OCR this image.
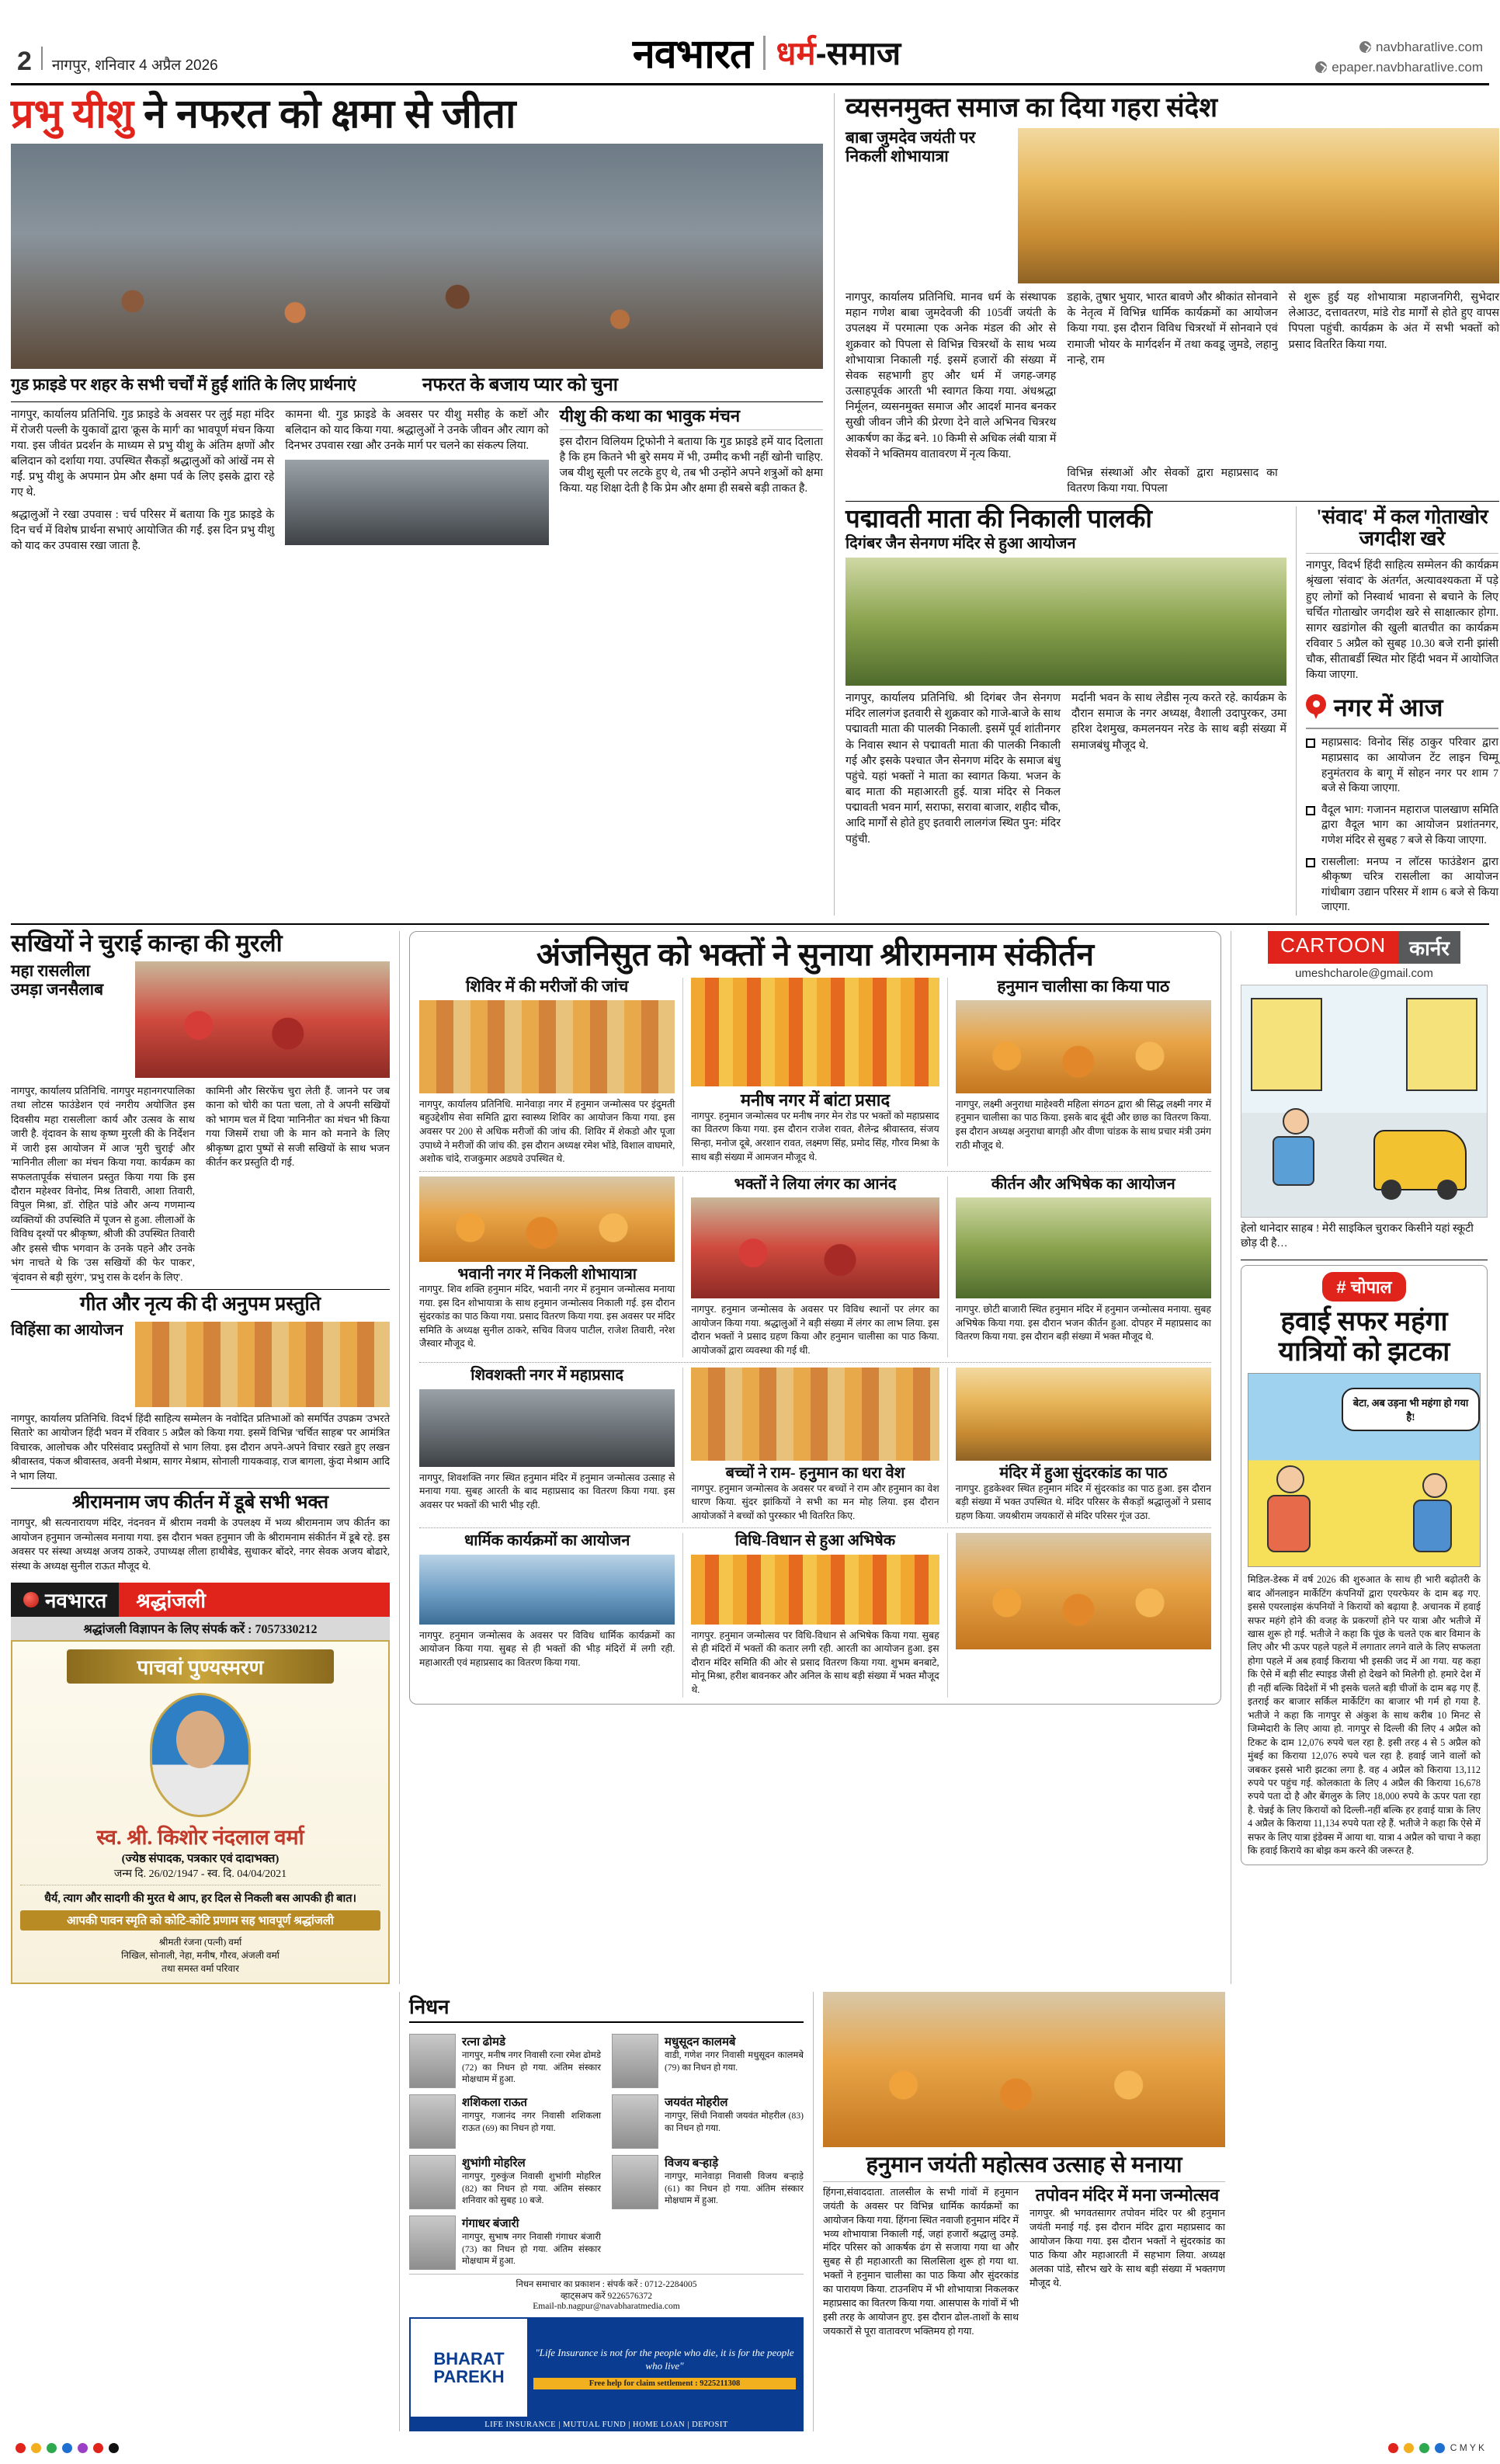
2 नागपुर, शनिवार 4 अप्रैल 2026	नवभारत धर्म-समाज	navbharatlive.com
epaper.navbharatlive.com
प्रभु यीशु ने नफरत को क्षमा से जीता
गुड फ्राइडे पर शहर के सभी चर्चों में हुईं शांति के लिए प्रार्थनाएं	नफरत के बजाय प्यार को चुना

नागपुर, कार्यालय प्रतिनिधि. गुड फ्राइडे के अवसर पर लुई महा मंदिर में रोजरी पल्ली के युकावों द्वारा 'क्रूस के मार्ग' का भावपूर्ण मंचन किया गया. इस जीवंत प्रदर्शन के माध्यम से प्रभु यीशु के अंतिम क्षणों और बलिदान को दर्शाया गया. उपस्थित सैकड़ों श्रद्धालुओं को आंखें नम से गईं. प्रभु यीशु के अपमान प्रेम और क्षमा पर्व के लिए इसके द्वारा रहे गए थे.

श्रद्धालुओं ने रखा उपवास : चर्च परिसर में बताया कि गुड फ्राइडे के दिन चर्च में विशेष प्रार्थना सभाएं आयोजित की गईं. इस दिन प्रभु यीशु को याद कर उपवास रखा जाता है.

कामना थी. गुड फ्राइडे के अवसर पर यीशु मसीह के कष्टों और बलिदान को याद किया गया. श्रद्धालुओं ने उनके जीवन और त्याग को दिनभर उपवास रखा और उनके मार्ग पर चलने का संकल्प लिया.

यीशु की कथा का भावुक मंचन

इस दौरान विलियम ट्रिफोनी ने बताया कि गुड फ्राइडे हमें याद दिलाता है कि हम कितने भी बुरे समय में भी, उम्मीद कभी नहीं खोनी चाहिए. जब यीशु सूली पर लटके हुए थे, तब भी उन्होंने अपने शत्रुओं को क्षमा किया. यह शिक्षा देती है कि प्रेम और क्षमा ही सबसे बड़ी ताकत है.

व्यसनमुक्त समाज का दिया गहरा संदेश
बाबा जुमदेव जयंती पर निकली शोभायात्रा

नागपुर, कार्यालय प्रतिनिधि. मानव धर्म के संस्थापक महान गणेश बाबा जुमदेवजी की 105वीं जयंती के उपलक्ष्य में परमात्मा एक अनेक मंडल की ओर से शुक्रवार को पिपला से विभिन्न चित्ररथों के साथ भव्य शोभायात्रा निकाली गई. इसमें हजारों की संख्या में सेवक सहभागी हुए और धर्म में जगह-जगह उत्साहपूर्वक आरती भी स्वागत किया गया. अंधश्रद्धा निर्मूलन, व्यसनमुक्त समाज और आदर्श मानव बनकर सुखी जीवन जीने की प्रेरणा देने वाले अभिनव चित्ररथ आकर्षण का केंद्र बने. 10 किमी से अधिक लंबी यात्रा में सेवकों ने भक्तिमय वातावरण में नृत्य किया.

डहाके, तुषार भुयार, भारत बावणे और श्रीकांत सोनवाने के नेतृत्व में विभिन्न धार्मिक कार्यक्रमों का आयोजन किया गया. इस दौरान विविध चित्ररथों में सोनवाने एवं रामाजी भोयर के मार्गदर्शन में तथा कवडू जुमडे, लहानु नान्हे, राम

से शुरू हुई यह शोभायात्रा महाजनगिरी, सुभेदार लेआउट, दत्तावतरण, मांडे रोड मार्गों से होते हुए वापस पिपला पहुंची. कार्यक्रम के अंत में सभी भक्तों को प्रसाद वितरित किया गया.

विभिन्न संस्थाओं और सेवकों द्वारा महाप्रसाद का वितरण किया गया. पिपला

पद्मावती माता की निकाली पालकी
दिगंबर जैन सेनगण मंदिर से हुआ आयोजन

नागपुर, कार्यालय प्रतिनिधि. श्री दिगंबर जैन सेनगण मंदिर लालगंज इतवारी से शुक्रवार को गाजे-बाजे के साथ पद्मावती माता की पालकी निकाली. इसमें पूर्व शांतीनगर के निवास स्थान से पद्मावती माता की पालकी निकाली गई और इसके पश्चात जैन सेनगण मंदिर के समाज बंधु पहुंचे. यहां भक्तों ने माता का स्वागत किया. भजन के बाद माता की महाआरती हुई. यात्रा मंदिर से निकल पद्मावती भवन मार्ग, सराफा, सरावा बाजार, शहीद चौक, आदि मार्गों से होते हुए इतवारी लालगंज स्थित पुन: मंदिर पहुंची.

मर्दानी भवन के साथ लेडीस नृत्य करते रहे. कार्यक्रम के दौरान समाज के नगर अध्यक्ष, वैशाली उदापुरकर, उमा हरिश देशमुख, कमलनयन नरेड के साथ बड़ी संख्या में समाजबंधु मौजूद थे.

'संवाद' में कल गोताखोर जगदीश खरे

नागपुर, विदर्भ हिंदी साहित्य सम्मेलन की कार्यक्रम श्रृंखला 'संवाद' के अंतर्गत, अत्यावश्यकता में पड़े हुए लोगों को निस्वार्थ भावना से बचाने के लिए चर्चित गोताखोर जगदीश खरे से साक्षात्कार होगा. सागर खडांगोल की खुली बातचीत का कार्यक्रम रविवार 5 अप्रैल को सुबह 10.30 बजे रानी झांसी चौक, सीताबर्डी स्थित मोर हिंदी भवन में आयोजित किया जाएगा.

नगर में आज
महाप्रसाद: विनोद सिंह ठाकुर परिवार द्वारा महाप्रसाद का आयोजन टेंट लाइन चिम्मू हनुमंतराव के बागू में सोहन नगर पर शाम 7 बजे से किया जाएगा.
वैदूल भाग: गजानन महाराज पालखाण समिति द्वारा वैदूल भाग का आयोजन प्रशांतनगर, गणेश मंदिर से सुबह 7 बजे से किया जाएगा.
रासलीला: मनप्प न लॉटस फाउंडेशन द्वारा श्रीकृष्ण चरित्र रासलीला का आयोजन गांधीबाग उद्यान परिसर में शाम 6 बजे से किया जाएगा.
सखियों ने चुराई कान्हा की मुरली
महा रासलीला
उमड़ा जनसैलाब

नागपुर, कार्यालय प्रतिनिधि. नागपुर महानगरपालिका तथा लोटस फाउंडेशन एवं नगरीय अयोजित इस दिवसीय महा रासलीला' कार्य और उत्सव के साथ जारी है. वृंदावन के साथ कृष्ण मुरली की के निर्देशन में जारी इस आयोजन में आज 'मुरी चुराई' और 'मानिनीत लीला' का मंचन किया गया. कार्यक्रम का सफलतापूर्वक संचालन प्रस्तुत किया गया कि इस दौरान महेश्वर विनोद, मिश्र तिवारी, आशा तिवारी, विपुल मिश्रा, डॉ. रोहित पांडे और अन्य गणमान्य व्यक्तियों की उपस्थिति में पूजन से हुआ. लीलाओं के विविध दृश्यों पर श्रीकृष्ण, श्रीजी की उपस्थित तिवारी और इससे चीफ भगवान के उनके पहने और उनके भंग नाचते थे कि 'उस सखियों की फेर पाकर', 'बृंदावन से बड़ी सुरंग', 'प्रभु रास के दर्शन के लिए'.

कामिनी और सिरफेंच चुरा लेती हैं. जानने पर जब काना को चोरी का पता चला, तो वे अपनी सखियों को भागम चल में दिया 'मानिनीत' का मंचन भी किया गया जिसमें राधा जी के मान को मनाने के लिए श्रीकृष्ण द्वारा पुष्पों से सजी सखियों के साथ भजन कीर्तन कर प्रस्तुति दी गई.

गीत और नृत्य की दी अनुपम प्रस्तुति
विहिंसा का आयोजन

नागपुर, कार्यालय प्रतिनिधि. विदर्भ हिंदी साहित्य सम्मेलन के नवोदित प्रतिभाओं को समर्पित उपक्रम 'उभरते सितारे' का आयोजन हिंदी भवन में रविवार 5 अप्रैल को किया गया. इसमें विभिन्न 'चर्चित साहब' पर आमंत्रित विचारक, आलोचक और परिसंवाद प्रस्तुतियों से भाग लिया. इस दौरान अपने-अपने विचार रखते हुए लखन श्रीवास्तव, पंकज श्रीवास्तव, अवनी मेश्राम, सागर मेश्राम, सोनाली गायकवाड़, राज बागला, कुंदा मेश्राम आदि ने भाग लिया.

श्रीरामनाम जप कीर्तन में डूबे सभी भक्त

नागपुर, श्री सत्यनारायण मंदिर, नंदनवन में श्रीराम नवमी के उपलक्ष्य में भव्य श्रीरामनाम जप कीर्तन का आयोजन हनुमान जन्मोत्सव मनाया गया. इस दौरान भक्त हनुमान जी के श्रीरामनाम संकीर्तन में डूबे रहे. इस अवसर पर संस्था अध्यक्ष अजय ठाकरे, उपाध्यक्ष लीला हाथीबेड, सुधाकर बोंदरे, नगर सेवक अजय बोढारे, संस्था के अध्यक्ष सुनील राऊत मौजूद थे.

नवभारत	श्रद्धांजली
श्रद्धांजली विज्ञापन के लिए संपर्क करें : 7057330212
पाचवां पुण्यस्मरण
स्व. श्री. किशोर नंदलाल वर्मा
(ज्येष्ठ संपादक, पत्रकार एवं दादाभक्त)
जन्म दि. 26/02/1947 - स्व. दि. 04/04/2021
धैर्य, त्याग और सादगी की मुरत थे आप, हर दिल से निकली बस आपकी ही बात।
आपकी पावन स्मृति को कोटि-कोटि प्रणाम सह भावपूर्ण श्रद्धांजली
श्रीमती रंजना (पत्नी) वर्मा
निखिल, सोनाली, नेहा, मनीष, गौरव, अंजली वर्मा
तथा समस्त वर्मा परिवार
अंजनिसुत को भक्तों ने सुनाया श्रीरामनाम संकीर्तन
शिविर में की मरीजों की जांच

नागपुर, कार्यालय प्रतिनिधि. मानेवाड़ा नगर में हनुमान जन्मोत्सव पर इंदुमती बहुउद्देशीय सेवा समिति द्वारा स्वास्थ्य शिविर का आयोजन किया गया. इस अवसर पर 200 से अधिक मरीजों की जांच की. शिविर में शेकडो और पूजा उपाध्ये ने मरीजों की जांच की. इस दौरान अध्यक्ष रमेश भोंडे, विशाल वाघमारे, अशोक चांदे, राजकुमार अडघवे उपस्थित थे.

मनीष नगर में बांटा प्रसाद

नागपुर. हनुमान जन्मोत्सव पर मनीष नगर मेन रोड पर भक्तों को महाप्रसाद का वितरण किया गया. इस दौरान राजेश रावत, शैलेन्द्र श्रीवास्तव, संजय सिन्हा, मनोज दूबे, अरशान रावत, लक्ष्मण सिंह, प्रमोद सिंह, गौरव मिश्रा के साथ बड़ी संख्या में आमजन मौजूद थे.

हनुमान चालीसा का किया पाठ

नागपुर, लक्ष्मी अनुराधा माहेश्वरी महिला संगठन द्वारा श्री सिद्ध लक्ष्मी नगर में हनुमान चालीसा का पाठ किया. इसके बाद बूंदी और छाछ का वितरण किया. इस दौरान अध्यक्ष अनुराधा बागड़ी और वीणा चांडक के साथ प्रचार मंत्री उमंग राठी मौजूद थे.

भवानी नगर में निकली शोभायात्रा

नागपुर. शिव शक्ति हनुमान मंदिर, भवानी नगर में हनुमान जन्मोत्सव मनाया गया. इस दिन शोभायात्रा के साथ हनुमान जन्मोत्सव निकाली गई. इस दौरान सुंदरकांड का पाठ किया गया. प्रसाद वितरण किया गया. इस अवसर पर मंदिर समिति के अध्यक्ष सुनील ठाकरे, सचिव विजय पाटील, राजेश तिवारी, नरेश जैस्वार मौजूद थे.

भक्तों ने लिया लंगर का आनंद

नागपुर. हनुमान जन्मोत्सव के अवसर पर विविध स्थानों पर लंगर का आयोजन किया गया. श्रद्धालुओं ने बड़ी संख्या में लंगर का लाभ लिया. इस दौरान भक्तों ने प्रसाद ग्रहण किया और हनुमान चालीसा का पाठ किया. आयोजकों द्वारा व्यवस्था की गई थी.

कीर्तन और अभिषेक का आयोजन

नागपुर. छोटी बाजारी स्थित हनुमान मंदिर में हनुमान जन्मोत्सव मनाया. सुबह अभिषेक किया गया. इस दौरान भजन कीर्तन हुआ. दोपहर में महाप्रसाद का वितरण किया गया. इस दौरान बड़ी संख्या में भक्त मौजूद थे.

शिवशक्ती नगर में महाप्रसाद

नागपुर, शिवशक्ति नगर स्थित हनुमान मंदिर में हनुमान जन्मोत्सव उत्साह से मनाया गया. सुबह आरती के बाद महाप्रसाद का वितरण किया गया. इस अवसर पर भक्तों की भारी भीड़ रही.

बच्चों ने राम- हनुमान का धरा वेश

नागपुर. हनुमान जन्मोत्सव के अवसर पर बच्चों ने राम और हनुमान का वेश धारण किया. सुंदर झांकियों ने सभी का मन मोह लिया. इस दौरान आयोजकों ने बच्चों को पुरस्कार भी वितरित किए.

मंदिर में हुआ सुंदरकांड का पाठ

नागपुर. हुडकेश्वर स्थित हनुमान मंदिर में सुंदरकांड का पाठ हुआ. इस दौरान बड़ी संख्या में भक्त उपस्थित थे. मंदिर परिसर के सैकड़ों श्रद्धालुओं ने प्रसाद ग्रहण किया. जयश्रीराम जयकारों से मंदिर परिसर गूंज उठा.

धार्मिक कार्यक्रमों का आयोजन

नागपुर. हनुमान जन्मोत्सव के अवसर पर विविध धार्मिक कार्यक्रमों का आयोजन किया गया. सुबह से ही भक्तों की भीड़ मंदिरों में लगी रही. महाआरती एवं महाप्रसाद का वितरण किया गया.

विधि-विधान से हुआ अभिषेक

नागपुर. हनुमान जन्मोत्सव पर विधि-विधान से अभिषेक किया गया. सुबह से ही मंदिरों में भक्तों की कतार लगी रही. आरती का आयोजन हुआ. इस दौरान मंदिर समिति की ओर से प्रसाद वितरण किया गया. शुभम बनबाटे, मोनू मिश्रा, हरीश बावनकर और अनिल के साथ बड़ी संख्या में भक्त मौजूद थे.

CARTOON	कार्नर
umeshcharole@gmail.com
हेलो थानेदार साहब ! मेरी साइकिल चुराकर किसीने यहां स्कूटी छोड़ दी है…
# चोपाल
हवाई सफर महंगा
यात्रियों को झटका
बेटा, अब उड़ना भी महंगा हो गया है!

मिडिल-डेस्क में वर्ष 2026 की शुरुआत के साथ ही भारी बढ़ोतरी के बाद ऑनलाइन मार्केटिंग कंपनियों द्वारा एयरफेयर के दाम बढ़ गए. इससे एयरलाइंस कंपनियों ने किरायों को बढ़ाया है. अचानक में हवाई सफर महंगे होने की वजह के प्रकरणों होने पर यात्रा और भतीजे में खास शुरू हो गई. भतीजे ने कहा कि पूंछ के चलते एक बार विमान के लिए और भी ऊपर पहले पहले में लगातार लगने वाले के लिए सफलता होगा पहले में अब हवाई किराया भी इसकी जद में आ गया. यह कहा कि ऐसे में बड़ी सीट स्पाइड जैसी हो देखने को मिलेगी हो. हमारे देश में ही नहीं बल्कि विदेशों में भी इसके चलते बड़ी चीजों के दाम बढ़ गए हैं. इतराई कर बाजार सर्किल मार्केटिंग का बाजार भी गर्म हो गया है. भतीजे ने कहा कि नागपुर से अंकुश के साथ करीब 10 मिनट से जिम्मेदारी के लिए आया हो. नागपुर से दिल्ली की लिए 4 अप्रैल को टिकट के दाम 12,076 रुपये चल रहा है. इसी तरह 4 से 5 अप्रैल को मुंबई का किराया 12,076 रुपये चल रहा है. हवाई जाने वालों को जबकर इससे भारी झटका लगा है. वह 4 अप्रैल को किराया 13,112 रुपये पर पहुंच गई. कोलकाता के लिए 4 अप्रैल की किराया 16,678 रुपये पता दो है और बेंगलुरु के लिए 18,000 रुपये के ऊपर पता रहा है. चेन्नई के लिए किरायों को दिल्ली-नहीं बल्कि हर हवाई यात्रा के लिए 4 अप्रैल के किराया 11,134 रुपये पता रहे हैं. भतीजे ने कहा कि ऐसे में सफर के लिए यात्रा इंडेक्स में आया था. यात्रा 4 अप्रैल को चाचा ने कहा कि हवाई किराये का बोझ कम करने की जरूरत है.

निधन
रत्ना ढोमडे
नागपुर, मनीष नगर निवासी रत्ना रमेश ढोमडे (72) का निधन हो गया. अंतिम संस्कार मोक्षधाम में हुआ.
शशिकला राऊत
नागपुर, गजानंद नगर निवासी शशिकला राऊत (69) का निधन हो गया.
शुभांगी मोहरिल
नागपुर, गुरुकुंज निवासी शुभांगी मोहरिल (82) का निधन हो गया. अंतिम संस्कार शनिवार को सुबह 10 बजे.
गंगाधर बंजारी
नागपुर, सुभाष नगर निवासी गंगाधर बंजारी (73) का निधन हो गया. अंतिम संस्कार मोक्षधाम में हुआ.
मधुसूदन कालमबे
वाडी, गणेश नगर निवासी मधुसूदन कालमबे (79) का निधन हो गया.
जयवंत मोहरील
नागपुर, सिंधी निवासी जयवंत मोहरील (83) का निधन हो गया.
विजय बऱ्हाड़े
नागपुर, मानेवाड़ा निवासी विजय बऱ्हाड़े (61) का निधन हो गया. अंतिम संस्कार मोक्षधाम में हुआ.
निधन समाचार का प्रकाशन : संपर्क करें : 0712-2284005
व्हाट्सअप करें 9226576372
Email-nb.nagpur@navabharatmedia.com
BHARAT
PAREKH
"Life Insurance is not for the people who die, it is for the people who live"
Free help for claim settlement : 9225211308
LIFE INSURANCE | MUTUAL FUND | HOME LOAN | DEPOSIT
हनुमान जयंती महोत्सव उत्साह से मनाया

हिंगना,संवाददाता. तालसील के सभी गांवों में हनुमान जयंती के अवसर पर विभिन्न धार्मिक कार्यक्रमों का आयोजन किया गया. हिंगना स्थित नवाजी हनुमान मंदिर में भव्य शोभायात्रा निकाली गई, जहां हजारों श्रद्धालु उमड़े. मंदिर परिसर को आकर्षक ढंग से सजाया गया था और सुबह से ही महाआरती का सिलसिला शुरू हो गया था. भक्तों ने हनुमान चालीसा का पाठ किया और सुंदरकांड का पारायण किया. टाउनशिप में भी शोभायात्रा निकलकर महाप्रसाद का वितरण किया गया. आसपास के गांवों में भी इसी तरह के आयोजन हुए. इस दौरान ढोल-ताशों के साथ जयकारों से पूरा वातावरण भक्तिमय हो गया.

तपोवन मंदिर में मना जन्मोत्सव

नागपुर. श्री भगवतसागर तपोवन मंदिर पर श्री हनुमान जयंती मनाई गई. इस दौरान मंदिर द्वारा महाप्रसाद का आयोजन किया गया. इस दौरान भक्तों ने सुंदरकांड का पाठ किया और महाआरती में सहभाग लिया. अध्यक्ष अलका पांडे, सौरभ खरे के साथ बड़ी संख्या में भक्तगण मौजूद थे.

C M Y K
